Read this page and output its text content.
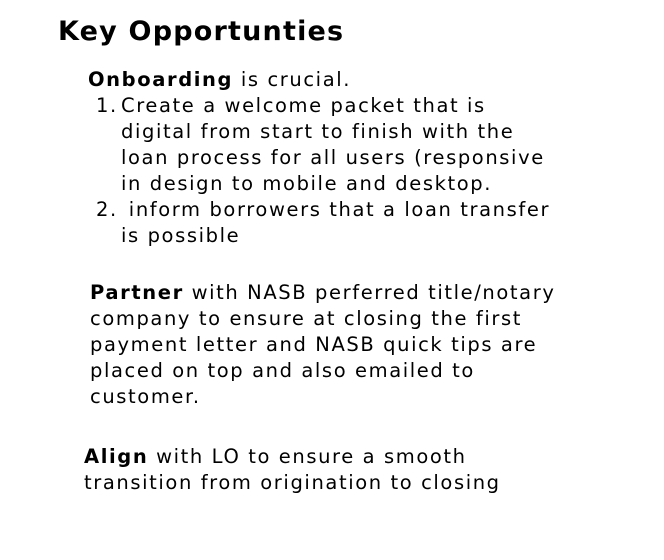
Key Opportunties
Onboarding is crucial.
1. Create a welcome packet that is
digital from start to finish with the
loan process for all users (responsive
in design to mobile and desktop.
2. inform borrowers that a loan transfer
is possible
Partner with NASB perferred title/notary
company to ensure at closing the first
payment letter and NASB quick tips are
placed on top and also emailed to
customer.
Align with LO to ensure a smooth
transition from origination to closing
